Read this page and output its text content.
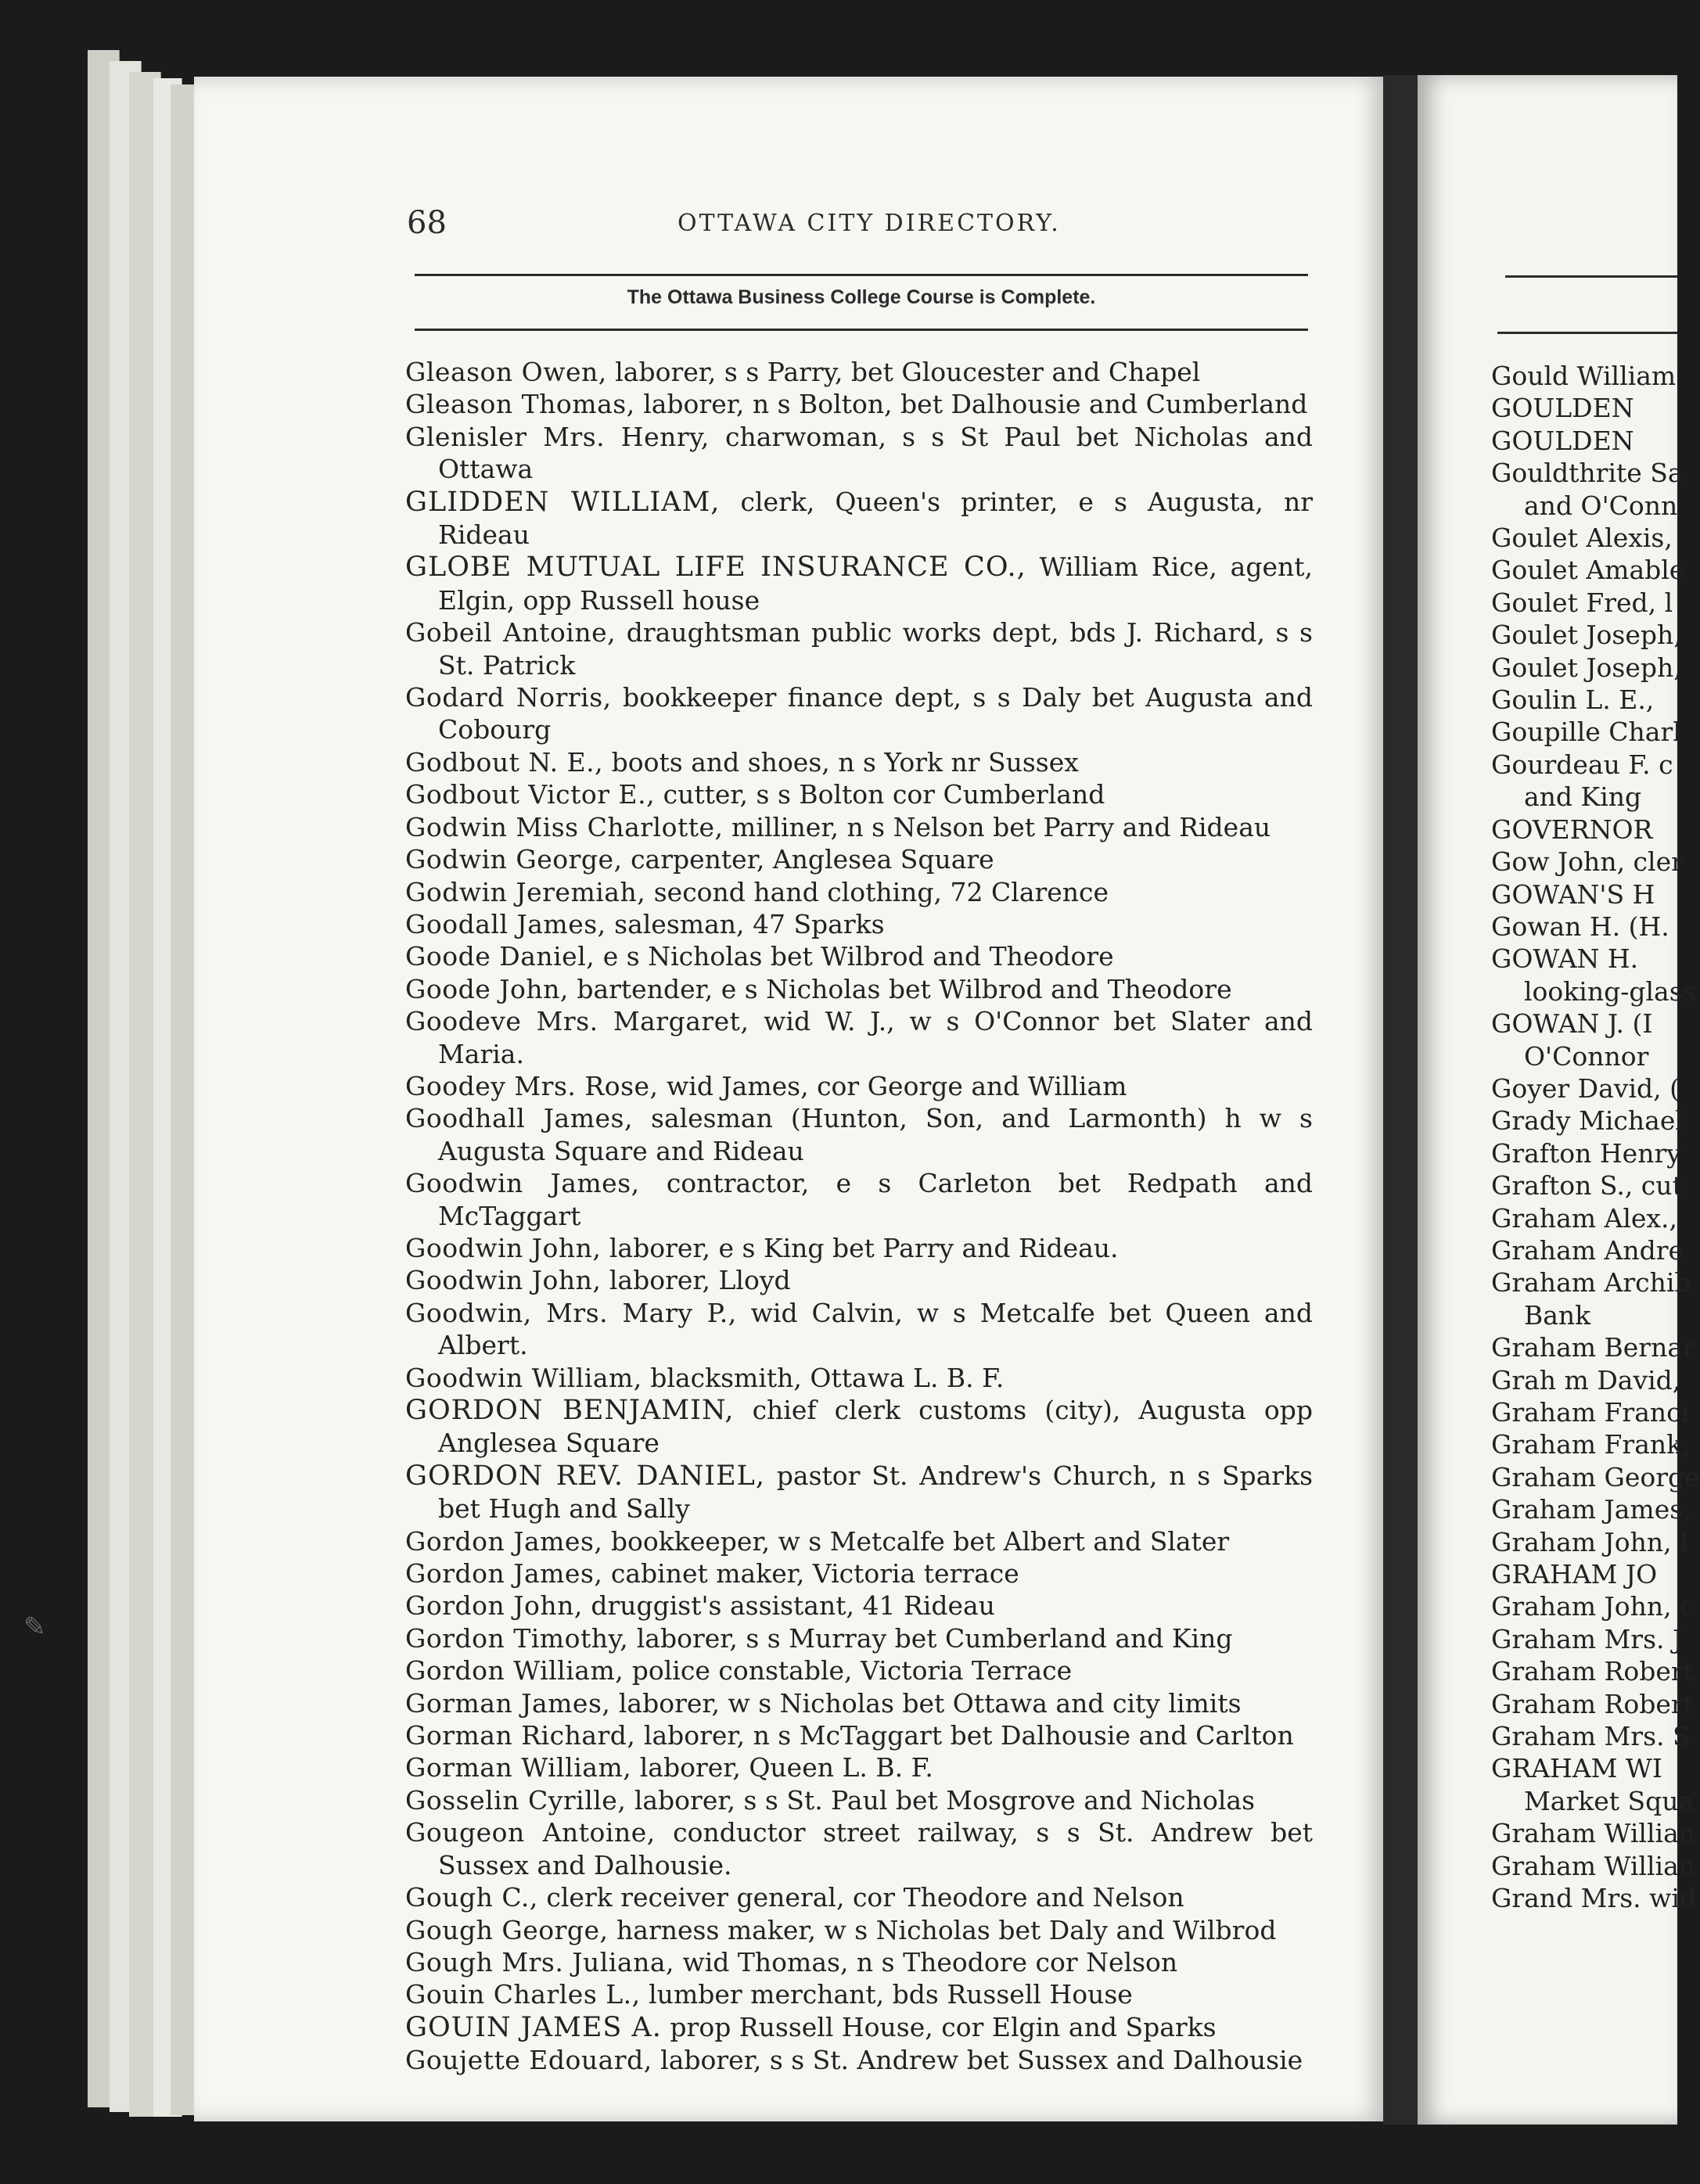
68	OTTAWA CITY DIRECTORY.
The Ottawa Business College Course is Complete.
Gleason Owen, laborer, s s Parry, bet Gloucester and Chapel
Gleason Thomas, laborer, n s Bolton, bet Dalhousie and Cumberland
Glenisler Mrs. Henry, charwoman, s s St Paul bet Nicholas and Ottawa
GLIDDEN WILLIAM, clerk, Queen's printer, e s Augusta, nr Rideau
GLOBE MUTUAL LIFE INSURANCE CO., William Rice, agent, Elgin, opp Russell house
Gobeil Antoine, draughtsman public works dept, bds J. Richard, s s St. Patrick
Godard Norris, bookkeeper finance dept, s s Daly bet Augusta and Cobourg
Godbout N. E., boots and shoes, n s York nr Sussex
Godbout Victor E., cutter, s s Bolton cor Cumberland
Godwin Miss Charlotte, milliner, n s Nelson bet Parry and Rideau
Godwin George, carpenter, Anglesea Square
Godwin Jeremiah, second hand clothing, 72 Clarence
Goodall James, salesman, 47 Sparks
Goode Daniel, e s Nicholas bet Wilbrod and Theodore
Goode John, bartender, e s Nicholas bet Wilbrod and Theodore
Goodeve Mrs. Margaret, wid W. J., w s O'Connor bet Slater and Maria.
Goodey Mrs. Rose, wid James, cor George and William
Goodhall James, salesman (Hunton, Son, and Larmonth) h w s Augusta Square and Rideau
Goodwin James, contractor, e s Carleton bet Redpath and McTaggart
Goodwin John, laborer, e s King bet Parry and Rideau.
Goodwin John, laborer, Lloyd
Goodwin, Mrs. Mary P., wid Calvin, w s Metcalfe bet Queen and Albert.
Goodwin William, blacksmith, Ottawa L. B. F.
GORDON BENJAMIN, chief clerk customs (city), Augusta opp Anglesea Square
GORDON REV. DANIEL, pastor St. Andrew's Church, n s Sparks bet Hugh and Sally
Gordon James, bookkeeper, w s Metcalfe bet Albert and Slater
Gordon James, cabinet maker, Victoria terrace
Gordon John, druggist's assistant, 41 Rideau
Gordon Timothy, laborer, s s Murray bet Cumberland and King
Gordon William, police constable, Victoria Terrace
Gorman James, laborer, w s Nicholas bet Ottawa and city limits
Gorman Richard, laborer, n s McTaggart bet Dalhousie and Carlton
Gorman William, laborer, Queen L. B. F.
Gosselin Cyrille, laborer, s s St. Paul bet Mosgrove and Nicholas
Gougeon Antoine, conductor street railway, s s St. Andrew bet Sussex and Dalhousie.
Gough C., clerk receiver general, cor Theodore and Nelson
Gough George, harness maker, w s Nicholas bet Daly and Wilbrod
Gough Mrs. Juliana, wid Thomas, n s Theodore cor Nelson
Gouin Charles L., lumber merchant, bds Russell House
GOUIN JAMES A. prop Russell House, cor Elgin and Sparks
Goujette Edouard, laborer, s s St. Andrew bet Sussex and Dalhousie
Gould William
GOULDEN
GOULDEN
Gouldthrite Sa
and O'Conn
Goulet Alexis,
Goulet Amable
Goulet Fred, l
Goulet Joseph,
Goulet Joseph,
Goulin L. E.,
Goupille Charl
Gourdeau F. c
and King
GOVERNOR
Gow John, cler
GOWAN'S H
Gowan H. (H.
GOWAN H.
looking-glass
GOWAN J. (I
O'Connor
Goyer David, (
Grady Michael
Grafton Henry
Grafton S., cut
Graham Alex.,
Graham Andre
Graham Archib
Bank
Graham Bernar
Grah m David,
Graham Franci
Graham Frank,
Graham George
Graham James,
Graham John, l
GRAHAM JO
Graham John, c
Graham Mrs. J
Graham Robert
Graham Robert
Graham Mrs. S
GRAHAM WI
Market Squa
Graham Willian
Graham Willian
Grand Mrs. wid
✎
